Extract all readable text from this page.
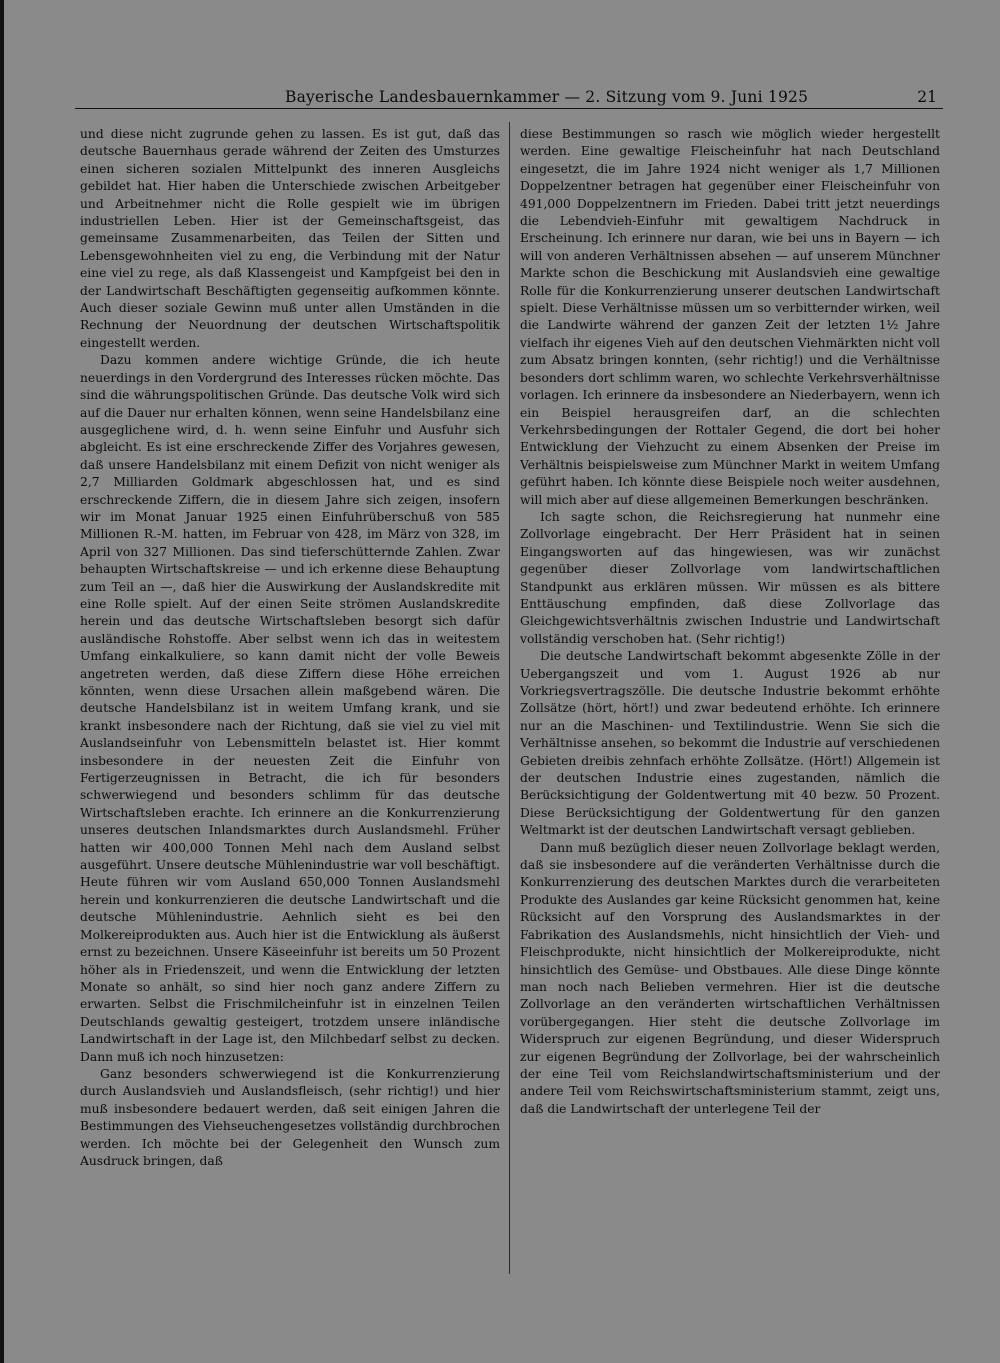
Bayerische Landesbauernkammer — 2. Sitzung vom 9. Juni 1925	21

und diese nicht zugrunde gehen zu lassen. Es ist gut, daß das deutsche Bauernhaus gerade während der Zeiten des Umsturzes einen sicheren sozialen Mittelpunkt des inneren Ausgleichs gebildet hat. Hier haben die Unterschiede zwischen Arbeitgeber und Arbeitnehmer nicht die Rolle gespielt wie im übrigen industriellen Leben. Hier ist der Gemeinschaftsgeist, das gemeinsame Zusammenarbeiten, das Teilen der Sitten und Lebensgewohnheiten viel zu eng, die Verbindung mit der Natur eine viel zu rege, als daß Klassengeist und Kampfgeist bei den in der Landwirtschaft Beschäftigten gegenseitig aufkommen könnte. Auch dieser soziale Gewinn muß unter allen Umständen in die Rechnung der Neuordnung der deutschen Wirtschaftspolitik eingestellt werden.

Dazu kommen andere wichtige Gründe, die ich heute neuerdings in den Vordergrund des Interesses rücken möchte. Das sind die währungspolitischen Gründe. Das deutsche Volk wird sich auf die Dauer nur erhalten können, wenn seine Handelsbilanz eine ausgeglichene wird, d. h. wenn seine Einfuhr und Ausfuhr sich abgleicht. Es ist eine erschreckende Ziffer des Vorjahres gewesen, daß unsere Handelsbilanz mit einem Defizit von nicht weniger als 2,7 Milliarden Goldmark abgeschlossen hat, und es sind erschreckende Ziffern, die in diesem Jahre sich zeigen, insofern wir im Monat Januar 1925 einen Einfuhrüberschuß von 585 Millionen R.-M. hatten, im Februar von 428, im März von 328, im April von 327 Millionen. Das sind tieferschütternde Zahlen. Zwar behaupten Wirtschaftskreise — und ich erkenne diese Behauptung zum Teil an —, daß hier die Auswirkung der Auslandskredite mit eine Rolle spielt. Auf der einen Seite strömen Auslandskredite herein und das deutsche Wirtschaftsleben besorgt sich dafür ausländische Rohstoffe. Aber selbst wenn ich das in weitestem Umfang einkalkuliere, so kann damit nicht der volle Beweis angetreten werden, daß diese Ziffern diese Höhe erreichen könnten, wenn diese Ursachen allein maßgebend wären. Die deutsche Handelsbilanz ist in weitem Umfang krank, und sie krankt insbesondere nach der Richtung, daß sie viel zu viel mit Auslandseinfuhr von Lebensmitteln belastet ist. Hier kommt insbesondere in der neuesten Zeit die Einfuhr von Fertigerzeugnissen in Betracht, die ich für besonders schwerwiegend und besonders schlimm für das deutsche Wirtschaftsleben erachte. Ich erinnere an die Konkurrenzierung unseres deutschen Inlandsmarktes durch Auslandsmehl. Früher hatten wir 400,000 Tonnen Mehl nach dem Ausland selbst ausgeführt. Unsere deutsche Mühlenindustrie war voll beschäftigt. Heute führen wir vom Ausland 650,000 Tonnen Auslandsmehl herein und konkurrenzieren die deutsche Landwirtschaft und die deutsche Mühlenindustrie. Aehnlich sieht es bei den Molkereiprodukten aus. Auch hier ist die Entwicklung als äußerst ernst zu bezeichnen. Unsere Käseeinfuhr ist bereits um 50 Prozent höher als in Friedenszeit, und wenn die Entwicklung der letzten Monate so anhält, so sind hier noch ganz andere Ziffern zu erwarten. Selbst die Frischmilcheinfuhr ist in einzelnen Teilen Deutschlands gewaltig gesteigert, trotzdem unsere inländische Landwirtschaft in der Lage ist, den Milchbedarf selbst zu decken. Dann muß ich noch hinzusetzen:

Ganz besonders schwerwiegend ist die Konkurrenzierung durch Auslandsvieh und Auslandsfleisch, (sehr richtig!) und hier muß insbesondere bedauert werden, daß seit einigen Jahren die Bestimmungen des Viehseuchengesetzes vollständig durchbrochen werden. Ich möchte bei der Gelegenheit den Wunsch zum Ausdruck bringen, daß

diese Bestimmungen so rasch wie möglich wieder hergestellt werden. Eine gewaltige Fleischeinfuhr hat nach Deutschland eingesetzt, die im Jahre 1924 nicht weniger als 1,7 Millionen Doppelzentner betragen hat gegenüber einer Fleischeinfuhr von 491,000 Doppelzentnern im Frieden. Dabei tritt jetzt neuerdings die Lebendvieh-Einfuhr mit gewaltigem Nachdruck in Erscheinung. Ich erinnere nur daran, wie bei uns in Bayern — ich will von anderen Verhältnissen absehen — auf unserem Münchner Markte schon die Beschickung mit Auslandsvieh eine gewaltige Rolle für die Konkurrenzierung unserer deutschen Landwirtschaft spielt. Diese Verhältnisse müssen um so verbitternder wirken, weil die Landwirte während der ganzen Zeit der letzten 1½ Jahre vielfach ihr eigenes Vieh auf den deutschen Viehmärkten nicht voll zum Absatz bringen konnten, (sehr richtig!) und die Verhältnisse besonders dort schlimm waren, wo schlechte Verkehrsverhältnisse vorlagen. Ich erinnere da insbesondere an Niederbayern, wenn ich ein Beispiel herausgreifen darf, an die schlechten Verkehrsbedingungen der Rottaler Gegend, die dort bei hoher Entwicklung der Viehzucht zu einem Absenken der Preise im Verhältnis beispielsweise zum Münchner Markt in weitem Umfang geführt haben. Ich könnte diese Beispiele noch weiter ausdehnen, will mich aber auf diese allgemeinen Bemerkungen beschränken.

Ich sagte schon, die Reichsregierung hat nunmehr eine Zollvorlage eingebracht. Der Herr Präsident hat in seinen Eingangsworten auf das hingewiesen, was wir zunächst gegenüber dieser Zollvorlage vom landwirtschaftlichen Standpunkt aus erklären müssen. Wir müssen es als bittere Enttäuschung empfinden, daß diese Zollvorlage das Gleichgewichtsverhältnis zwischen Industrie und Landwirtschaft vollständig verschoben hat. (Sehr richtig!)

Die deutsche Landwirtschaft bekommt abgesenkte Zölle in der Uebergangszeit und vom 1. August 1926 ab nur Vorkriegsvertragszölle. Die deutsche Industrie bekommt erhöhte Zollsätze (hört, hört!) und zwar bedeutend erhöhte. Ich erinnere nur an die Maschinen- und Textilindustrie. Wenn Sie sich die Verhältnisse ansehen, so bekommt die Industrie auf verschiedenen Gebieten dreibis zehnfach erhöhte Zollsätze. (Hört!) Allgemein ist der deutschen Industrie eines zugestanden, nämlich die Berücksichtigung der Goldentwertung mit 40 bezw. 50 Prozent. Diese Berücksichtigung der Goldentwertung für den ganzen Weltmarkt ist der deutschen Landwirtschaft versagt geblieben.

Dann muß bezüglich dieser neuen Zollvorlage beklagt werden, daß sie insbesondere auf die veränderten Verhältnisse durch die Konkurrenzierung des deutschen Marktes durch die verarbeiteten Produkte des Auslandes gar keine Rücksicht genommen hat, keine Rücksicht auf den Vorsprung des Auslandsmarktes in der Fabrikation des Auslandsmehls, nicht hinsichtlich der Vieh- und Fleischprodukte, nicht hinsichtlich der Molkereiprodukte, nicht hinsichtlich des Gemüse- und Obstbaues. Alle diese Dinge könnte man noch nach Belieben vermehren. Hier ist die deutsche Zollvorlage an den veränderten wirtschaftlichen Verhältnissen vorübergegangen. Hier steht die deutsche Zollvorlage im Widerspruch zur eigenen Begründung, und dieser Widerspruch zur eigenen Begründung der Zollvorlage, bei der wahrscheinlich der eine Teil vom Reichslandwirtschaftsministerium und der andere Teil vom Reichswirtschaftsministerium stammt, zeigt uns, daß die Landwirtschaft der unterlegene Teil der
